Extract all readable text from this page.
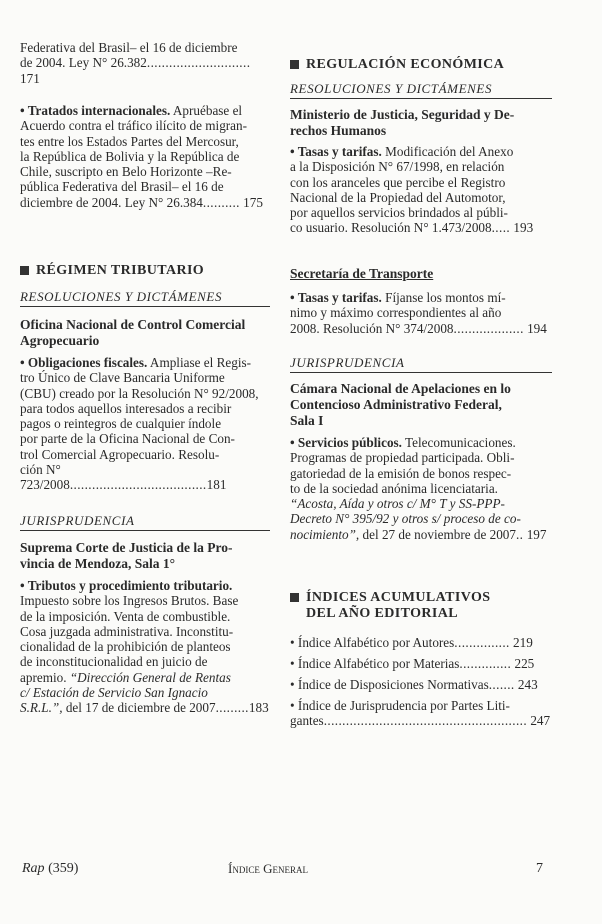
Federativa del Brasil– el 16 de diciembre

de 2004. Ley N° 26.382............................ 171

• Tratados internacionales. Apruébase el

Acuerdo contra el tráfico ilícito de migran-

tes entre los Estados Partes del Mercosur,

la República de Bolivia y la República de

Chile, suscripto en Belo Horizonte –Re-

pública Federativa del Brasil– el 16 de

diciembre de 2004. Ley N° 26.384.......... 175

RÉGIMEN TRIBUTARIO

RESOLUCIONES Y DICTÁMENES

Oficina Nacional de Control Comercial

Agropecuario

• Obligaciones fiscales. Ampliase el Regis-

tro Único de Clave Bancaria Uniforme

(CBU) creado por la Resolución N° 92/2008,

para todos aquellos interesados a recibir

pagos o reintegros de cualquier índole

por parte de la Oficina Nacional de Con-

trol Comercial Agropecuario. Resolu-

ción N° 723/2008.....................................181

JURISPRUDENCIA

Suprema Corte de Justicia de la Pro-

vincia de Mendoza, Sala 1°

• Tributos y procedimiento tributario.

Impuesto sobre los Ingresos Brutos. Base

de la imposición. Venta de combustible.

Cosa juzgada administrativa. Inconstitu-

cionalidad de la prohibición de planteos

de inconstitucionalidad en juicio de

apremio. “Dirección General de Rentas

c/ Estación de Servicio San Ignacio

S.R.L.”, del 17 de diciembre de 2007.........183

REGULACIÓN ECONÓMICA

RESOLUCIONES Y DICTÁMENES

Ministerio de Justicia, Seguridad y De-

rechos Humanos

• Tasas y tarifas. Modificación del Anexo

a la Disposición N° 67/1998, en relación

con los aranceles que percibe el Registro

Nacional de la Propiedad del Automotor,

por aquellos servicios brindados al públi-

co usuario. Resolución N° 1.473/2008..... 193

Secretaría de Transporte

• Tasas y tarifas. Fíjanse los montos mí-

nimo y máximo correspondientes al año

2008. Resolución N° 374/2008................... 194

JURISPRUDENCIA

Cámara Nacional de Apelaciones en lo

Contencioso Administrativo Federal,

Sala I

• Servicios públicos. Telecomunicaciones.

Programas de propiedad participada. Obli-

gatoriedad de la emisión de bonos respec-

to de la sociedad anónima licenciataria.

“Acosta, Aída y otros c/ M° T y SS-PPP-

Decreto N° 395/92 y otros s/ proceso de co-

nocimiento”, del 27 de noviembre de 2007.. 197

ÍNDICES ACUMULATIVOS
DEL AÑO EDITORIAL

• Índice Alfabético por Autores............... 219

• Índice Alfabético por Materias.............. 225

• Índice de Disposiciones Normativas....... 243

• Índice de Jurisprudencia por Partes Liti-

gantes....................................................... 247

Rap (359)	Índice General	7
